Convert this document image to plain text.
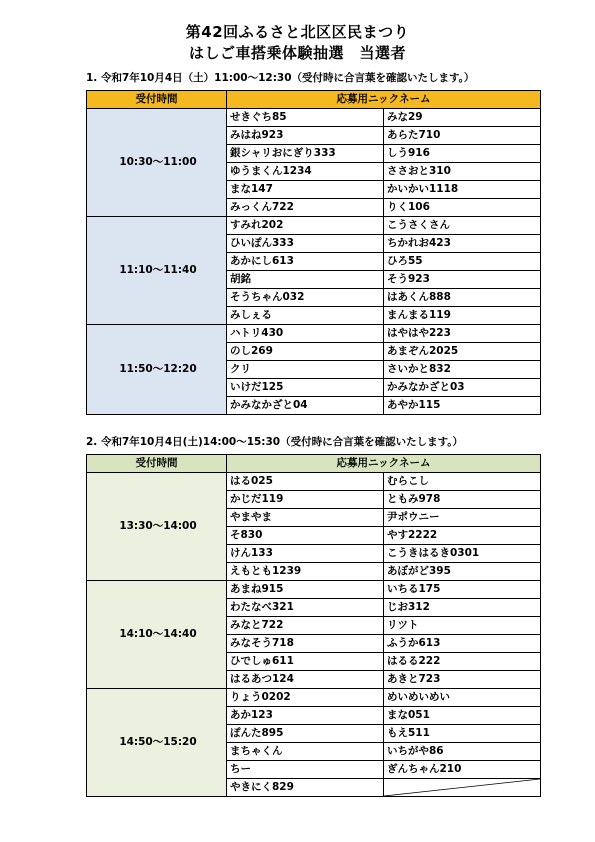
第42回ふるさと北区区民まつり
はしご車搭乗体験抽選　当選者
1. 令和7年10月4日（土）11:00～12:30（受付時に合言葉を確認いたします。）
受付時間	応募用ニックネーム	
10:30～11:00	せきぐち85	みな29
	みはね923	あらた710
	銀シャリおにぎり333	しう916
	ゆうまくん1234	ささおと310
	まな147	かいかい1118
	みっくん722	りく106
11:10～11:40	すみれ202	こうさくさん
	ひいぽん333	ちかれお423
	あかにし613	ひろ55
	胡銘	そう923
	そうちゃん032	はあくん888
	みしぇる	まんまる119
11:50～12:20	ハトリ430	はやはや223
	のし269	あまぞん2025
	クリ	さいかと832
	いけだ125	かみなかざと03
	かみなかざと04	あやか115
2. 令和7年10月4日(土)14:00～15:30（受付時に合言葉を確認いたします。）
受付時間	応募用ニックネーム	
13:30～14:00	はる025	むらこし
	かじだ119	ともみ978
	やまやま	尹ポウニー
	そ830	やす2222
	けん133	こうきはるき0301
	えもとも1239	あぼがど395
14:10～14:40	あまね915	いちる175
	わたなべ321	じお312
	みなと722	リツト
	みなそう718	ふうか613
	ひでしゅ611	はるる222
	はるあつ124	あきと723
14:50～15:20	りょう0202	めいめいめい
	あか123	まな051
	ぽんた895	もえ511
	まちゃくん	いちがや86
	ちー	ぎんちゃん210
	やきにく829	
